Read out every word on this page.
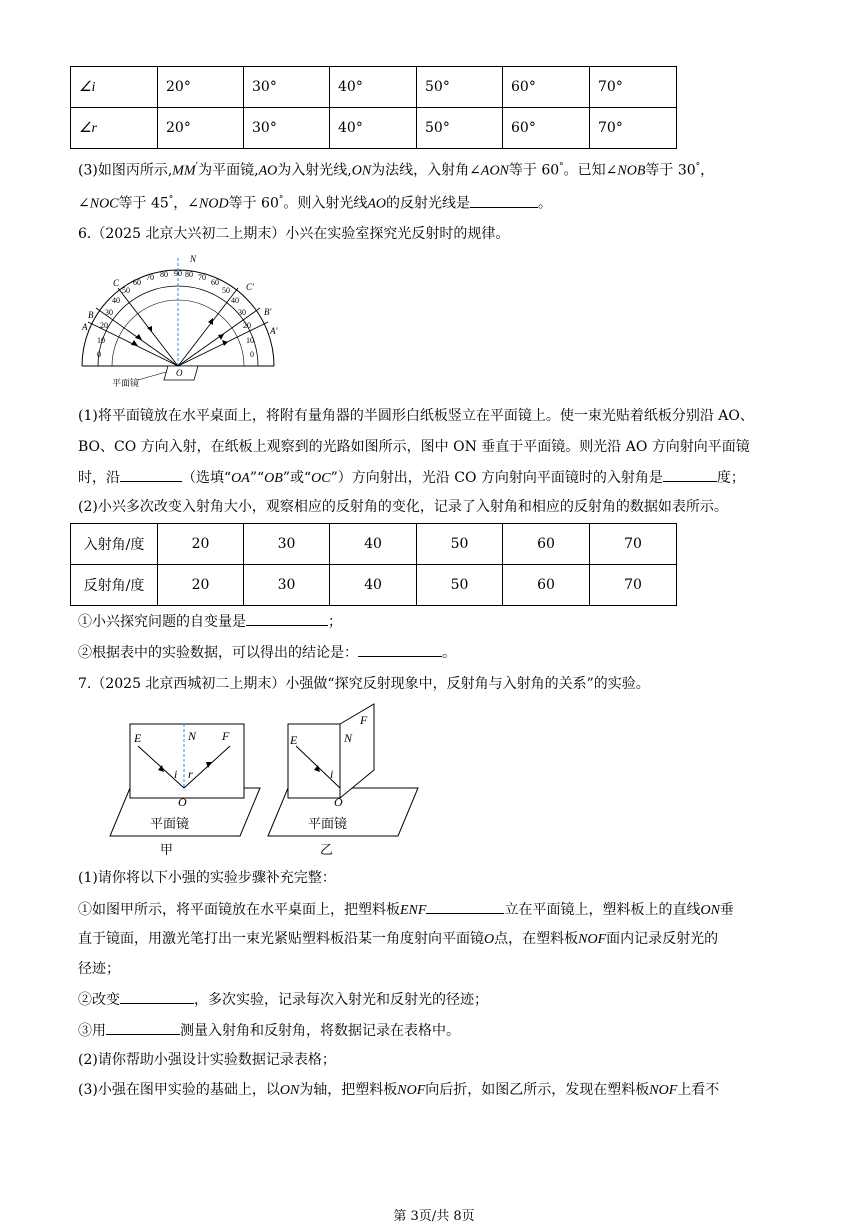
∠i	20°	30°	40°	50°	60°	70°
∠r	20°	30°	40°	50°	60°	70°
(3)如图丙所示$,MM^ʹ$为平面镜,AO为入射光线,ON为法线，入射角∠AON等于 60°。已知∠NOB等于 30°，
∠NOC等于 45°，∠NOD等于 60°。则入射光线AO的反射光线是	。
6.（2025 北京大兴初二上期末）小兴在实验室探究光反射时的规律。
90
80
70
60
50
40
30
20
10
0
80 70
60
50
40
30
20
10
0
N
C
B
A
C'
B'
A'
O
平面镜
(1)将平面镜放在水平桌面上，将附有量角器的半圆形白纸板竖立在平面镜上。使一束光贴着纸板分别沿 AO、
BO、CO 方向入射，在纸板上观察到的光路如图所示，图中 ON 垂直于平面镜。则光沿 AO 方向射向平面镜
时，沿	（选填“OA”“OB”或“OC”）方向射出，光沿 CO 方向射向平面镜时的入射角是	度；
(2)小兴多次改变入射角大小，观察相应的反射角的变化，记录了入射角和相应的反射角的数据如表所示。
入射角/度	20	30	40	50	60	70
反射角/度	20	30	40	50	60	70
①小兴探究问题的自变量是	；
②根据表中的实验数据，可以得出的结论是：	。
7.（2025 北京西城初二上期末）小强做“探究反射现象中，反射角与入射角的关系”的实验。
E	N F
i r
O
平面镜
甲
E	N
F
i
O
平面镜
乙
(1)请你将以下小强的实验步骤补充完整：
①如图甲所示，将平面镜放在水平桌面上，把塑料板ENF	立在平面镜上，塑料板上的直线ON垂
直于镜面，用激光笔打出一束光紧贴塑料板沿某一角度射向平面镜O点，在塑料板NOF面内记录反射光的
径迹；
②改变	，多次实验，记录每次入射光和反射光的径迹；
③用	测量入射角和反射角，将数据记录在表格中。
(2)请你帮助小强设计实验数据记录表格；
(3)小强在图甲实验的基础上，以ON为轴，把塑料板NOF向后折，如图乙所示，发现在塑料板NOF上看不
第 3页/共 8页
